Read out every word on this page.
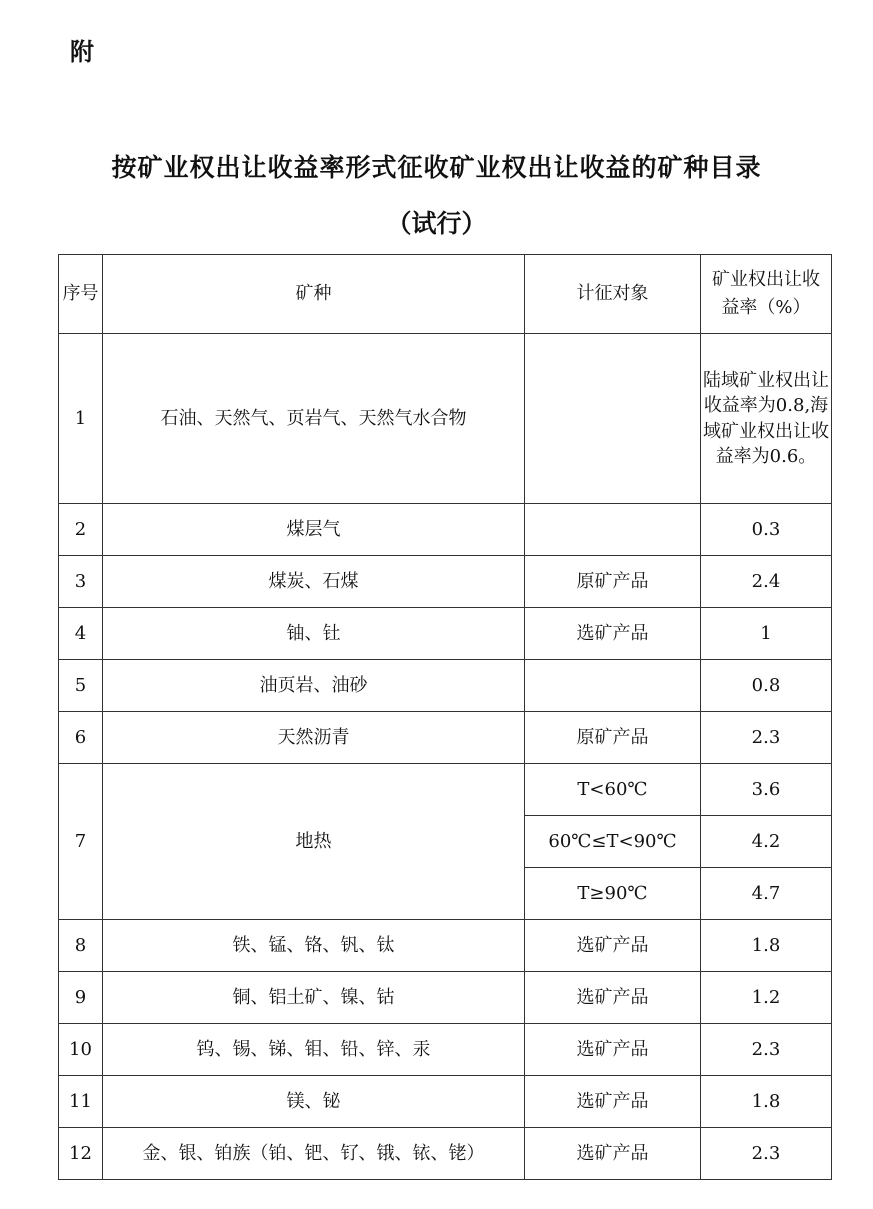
附
按矿业权出让收益率形式征收矿业权出让收益的矿种目录
（试行）
序号	矿种	计征对象	矿业权出让收益率（%）
1	石油、天然气、页岩气、天然气水合物		陆域矿业权出让收益率为0.8,海域矿业权出让收益率为0.6。
2	煤层气		0.3
3	煤炭、石煤	原矿产品	2.4
4	铀、钍	选矿产品	1
5	油页岩、油砂		0.8
6	天然沥青	原矿产品	2.3
7	地热	T<60℃	3.6
		60℃≤T<90℃	4.2
		T≥90℃	4.7
8	铁、锰、铬、钒、钛	选矿产品	1.8
9	铜、铝土矿、镍、钴	选矿产品	1.2
10	钨、锡、锑、钼、铅、锌、汞	选矿产品	2.3
11	镁、铋	选矿产品	1.8
12	金、银、铂族（铂、钯、钌、锇、铱、铑）	选矿产品	2.3
